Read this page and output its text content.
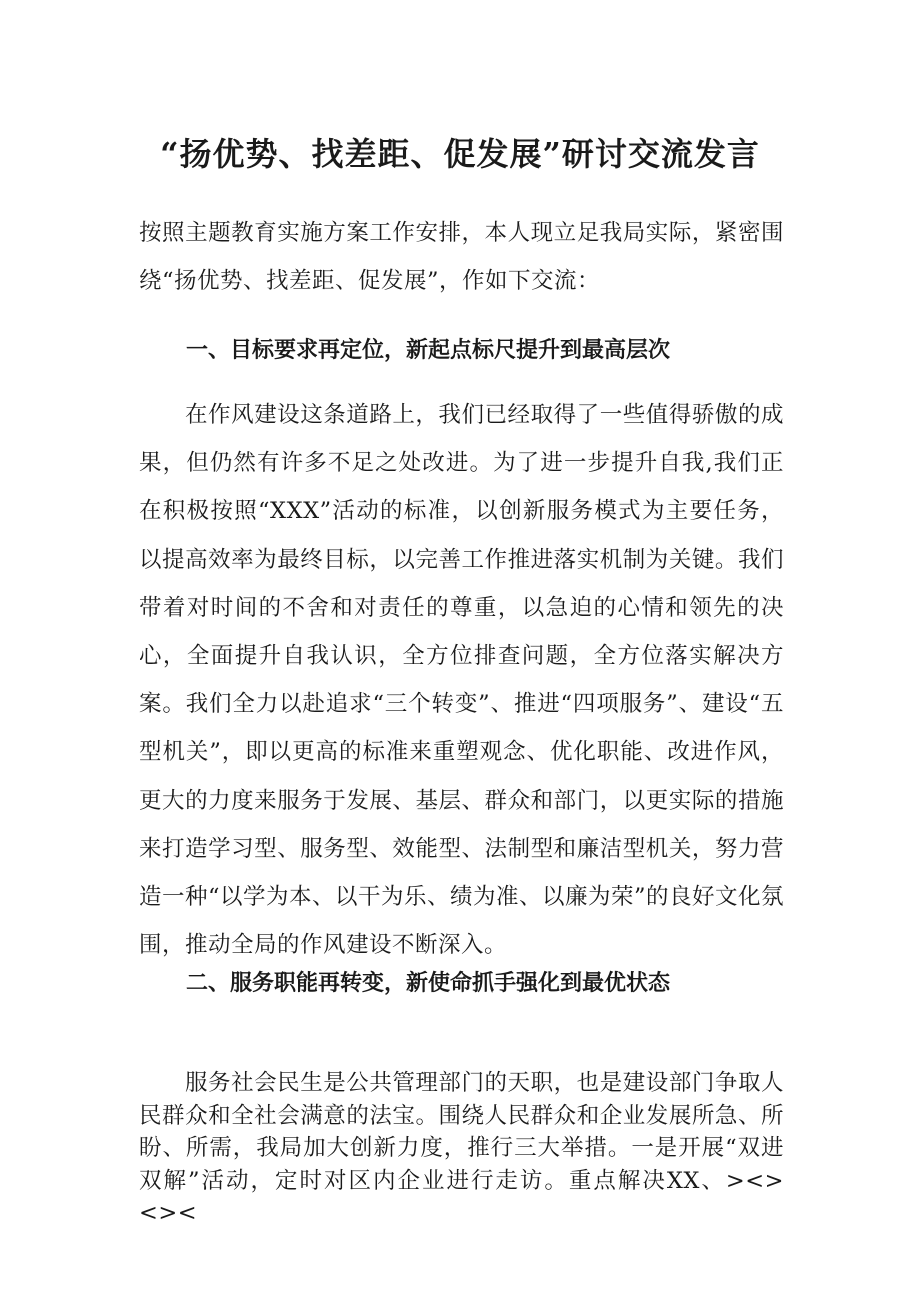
“扬优势、找差距、促发展”研讨交流发言

按照主题教育实施方案工作安排，本人现立足我局实际，紧密围绕“扬优势、找差距、促发展”，作如下交流：

一、目标要求再定位，新起点标尺提升到最高层次

在作风建设这条道路上，我们已经取得了一些值得骄傲的成果，但仍然有许多不足之处改进。为了进一步提升自我,我们正在积极按照“XXX”活动的标准，以创新服务模式为主要任务，以提高效率为最终目标，以完善工作推进落实机制为关键。我们带着对时间的不舍和对责任的尊重，以急迫的心情和领先的决心，全面提升自我认识，全方位排查问题，全方位落实解决方案。我们全力以赴追求“三个转变”、推进“四项服务”、建设“五型机关”，即以更高的标准来重塑观念、优化职能、改进作风，更大的力度来服务于发展、基层、群众和部门，以更实际的措施来打造学习型、服务型、效能型、法制型和廉洁型机关，努力营造一种“以学为本、以干为乐、绩为准、以廉为荣”的良好文化氛围，推动全局的作风建设不断深入。

二、服务职能再转变，新使命抓手强化到最优状态

服务社会民生是公共管理部门的天职，也是建设部门争取人民群众和全社会满意的法宝。围绕人民群众和企业发展所急、所盼、所需，我局加大创新力度，推行三大举措。一是开展“双进双解”活动，定时对区内企业进行走访。重点解决XX、><><><
